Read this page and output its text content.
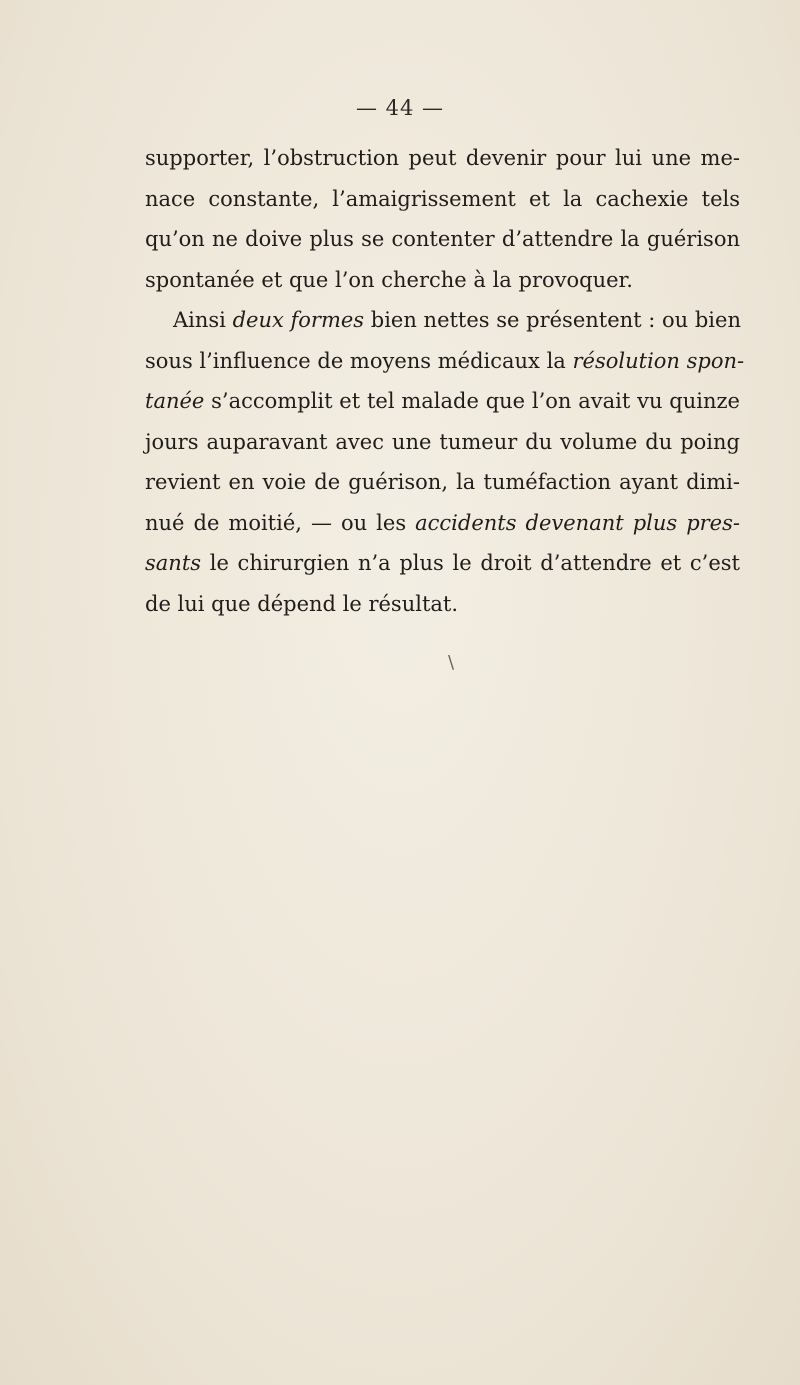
— 44 —
supporter, l’obstruction peut devenir pour lui une me-
nace constante, l’amaigrissement et la cachexie tels
qu’on ne doive plus se contenter d’attendre la guérison
spontanée et que l’on cherche à la provoquer.
Ainsi deux formes bien nettes se présentent : ou bien
sous l’influence de moyens médicaux la résolution spon-
tanée s’accomplit et tel malade que l’on avait vu quinze
jours auparavant avec une tumeur du volume du poing
revient en voie de guérison, la tuméfaction ayant dimi-
nué de moitié, — ou les accidents devenant plus pres-
sants le chirurgien n’a plus le droit d’attendre et c’est
de lui que dépend le résultat.
\
